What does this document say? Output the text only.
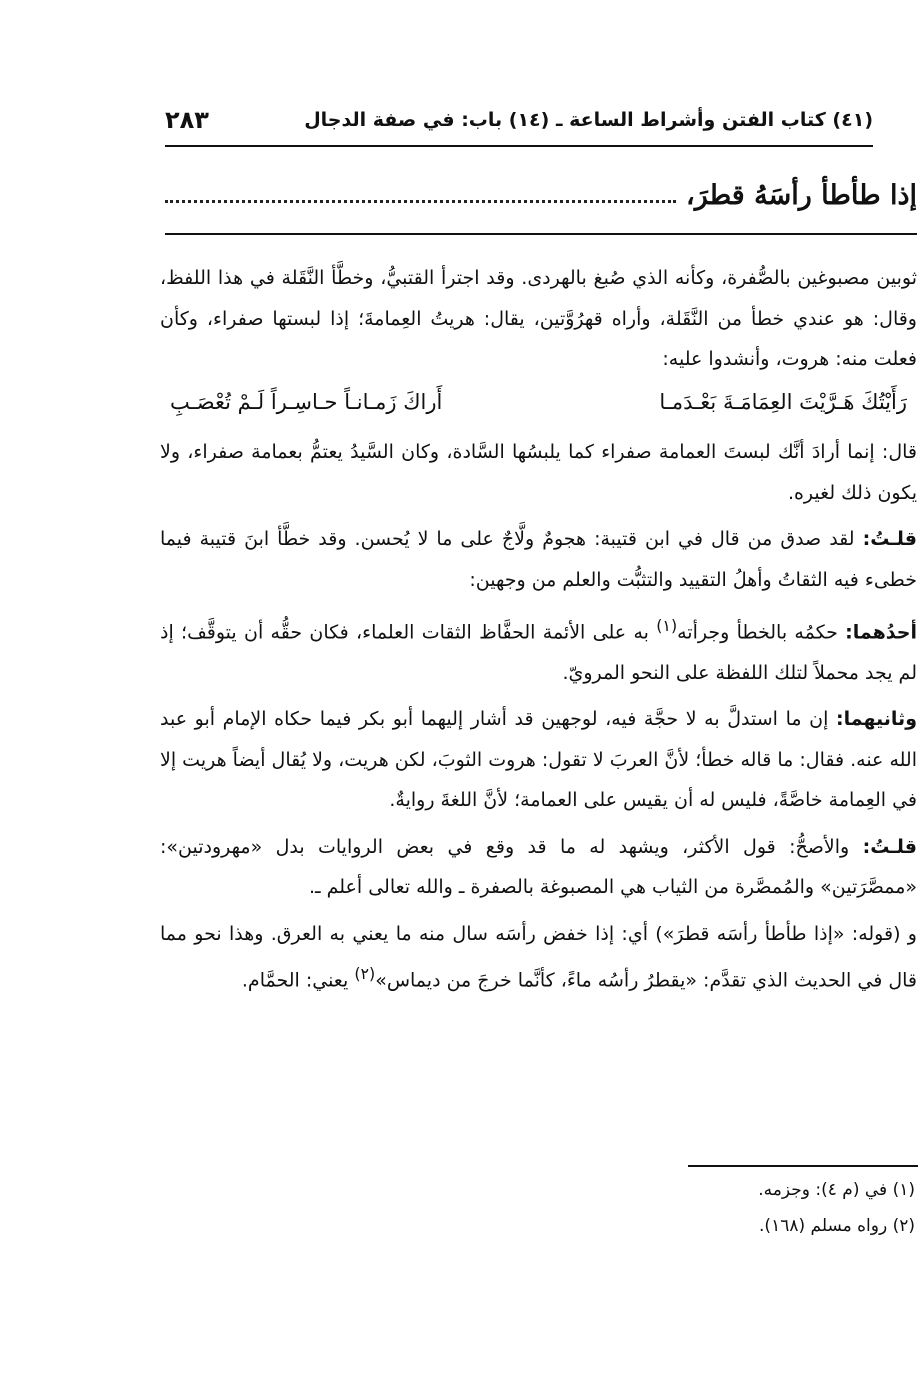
(٤١) كتاب الفتن وأشراط الساعة ـ (١٤) باب: في صفة الدجال
٢٨٣
إذا طأطأ رأسَهُ قطرَ،

ثوبين مصبوغين بالصُّفرة، وكأنه الذي صُبغ بالهردى. وقد اجترأ القتبيُّ، وخطَّأ النَّقَلة في هذا اللفظ، وقال: هو عندي خطأ من النَّقَلة، وأراه قهرُوَّتين، يقال: هريتُ العِمامةَ؛ إذا لبستها صفراء، وكأن فعلت منه: هروت، وأنشدوا عليه:

رَأَيْتُكَ هَـرَّيْتَ العِمَامَـةَ بَعْـدَمـا
أَراكَ زَمـانـاً حـاسِـراً لَـمْ تُعْصَـبِ

قال: إنما أرادَ أنَّك لبستَ العمامة صفراء كما يلبسُها السَّادة، وكان السَّيدُ يعتمُّ بعمامة صفراء، ولا يكون ذلك لغيره.

قلـتُ: لقد صدق من قال في ابن قتيبة: هجومٌ ولَّاجٌ على ما لا يُحسن. وقد خطَّأ ابنَ قتيبة فيما خطىء فيه الثقاتُ وأهلُ التقييد والتثبُّت والعلم من وجهين:

أحدُهما: حكمُه بالخطأ وجرأته$^{(١)}$ به على الأئمة الحفَّاظ الثقات العلماء، فكان حقُّه أن يتوقَّف؛ إذ لم يجد محملاً لتلك اللفظة على النحو المرويّ.

وثانيهما: إن ما استدلَّ به لا حجَّة فيه، لوجهين قد أشار إليهما أبو بكر فيما حكاه الإمام أبو عبد الله عنه. فقال: ما قاله خطأ؛ لأنَّ العربَ لا تقول: هروت الثوبَ، لكن هريت، ولا يُقال أيضاً هريت إلا في العِمامة خاصَّةً، فليس له أن يقيس على العمامة؛ لأنَّ اللغةَ روايةٌ.

قلـتُ: والأصحُّ: قول الأكثر، ويشهد له ما قد وقع في بعض الروايات بدل «مهرودتين»: «ممصَّرَتين» والمُمصَّرة من الثياب هي المصبوغة بالصفرة ـ والله تعالى أعلم ـ.

و (قوله: «إذا طأطأ رأسَه قطرَ») أي: إذا خفض رأسَه سال منه ما يعني به العرق. وهذا نحو مما قال في الحديث الذي تقدَّم: «يقطرُ رأسُه ماءً، كأنَّما خرجَ من ديماس»$^{(٢)}$ يعني: الحمَّام.

(١) في (م ٤): وجزمه.
(٢) رواه مسلم (١٦٨).
